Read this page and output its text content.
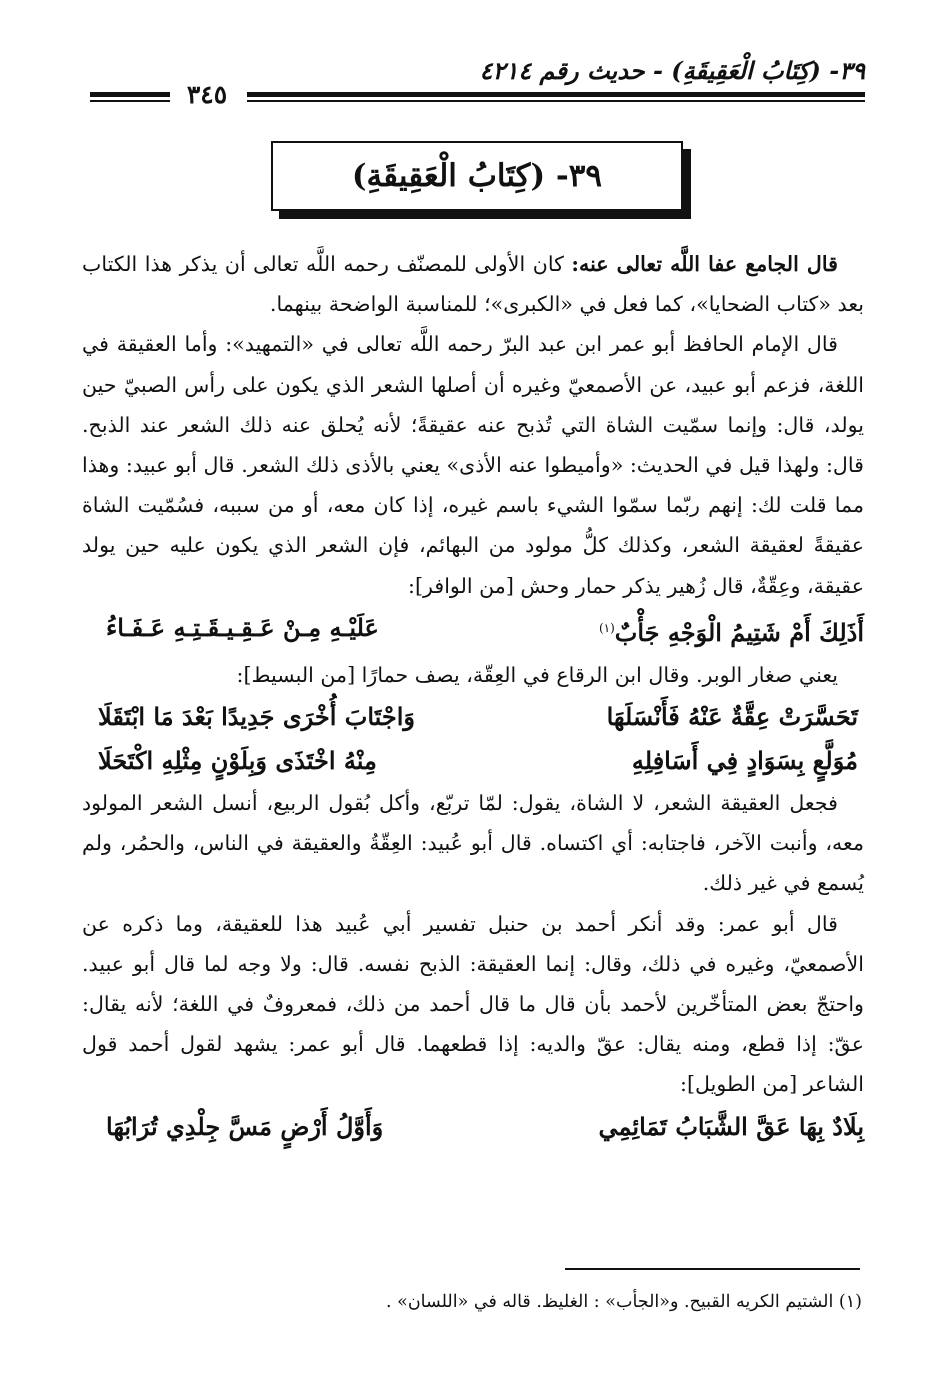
٣٩- (كِتَابُ الْعَقِيقَةِ) - حديث رقم ٤٢١٤
٣٤٥
٣٩- (كِتَابُ الْعَقِيقَةِ)

قال الجامع عفا اللَّه تعالى عنه: كان الأولى للمصنّف رحمه اللَّه تعالى أن يذكر هذا الكتاب بعد «كتاب الضحايا»، كما فعل في «الكبرى»؛ للمناسبة الواضحة بينهما.

قال الإمام الحافظ أبو عمر ابن عبد البرّ رحمه اللَّه تعالى في «التمهيد»: وأما العقيقة في اللغة، فزعم أبو عبيد، عن الأصمعيّ وغيره أن أصلها الشعر الذي يكون على رأس الصبيّ حين يولد، قال: وإنما سمّيت الشاة التي تُذبح عنه عقيقةً؛ لأنه يُحلق عنه ذلك الشعر عند الذبح. قال: ولهذا قيل في الحديث: «وأميطوا عنه الأذى» يعني بالأذى ذلك الشعر. قال أبو عبيد: وهذا مما قلت لك: إنهم ربّما سمّوا الشيء باسم غيره، إذا كان معه، أو من سببه، فسُمّيت الشاة عقيقةً لعقيقة الشعر، وكذلك كلُّ مولود من البهائم، فإن الشعر الذي يكون عليه حين يولد عقيقة، وعِقّةٌ، قال زُهير يذكر حمار وحش [من الوافر]:

أَذَلِكَ أَمْ شَتِيمُ الْوَجْهِ جَأْبٌ$^{(١)}$
عَلَيْـهِ مِـنْ عَـقِـيـقَـتِـهِ عَـفَـاءُ

يعني صغار الوبر. وقال ابن الرقاع في العِقّة، يصف حمارًا [من البسيط]:

تَحَسَّرَتْ عِقَّةٌ عَنْهُ فَأَنْسَلَهَا
وَاجْتَابَ أُخْرَى جَدِيدًا بَعْدَ مَا ابْتَقَلَا
مُوَلَّعٍ بِسَوَادٍ فِي أَسَافِلِهِ
مِنْهُ اخْتَذَى وَبِلَوْنٍ مِثْلِهِ اكْتَحَلَا

فجعل العقيقة الشعر، لا الشاة، يقول: لمّا تربّع، وأكل بُقول الربيع، أنسل الشعر المولود معه، وأنبت الآخر، فاجتابه: أي اكتساه. قال أبو عُبيد: العِقّةُ والعقيقة في الناس، والحمُر، ولم يُسمع في غير ذلك.

قال أبو عمر: وقد أنكر أحمد بن حنبل تفسير أبي عُبيد هذا للعقيقة، وما ذكره عن الأصمعيّ، وغيره في ذلك، وقال: إنما العقيقة: الذبح نفسه. قال: ولا وجه لما قال أبو عبيد. واحتجّ بعض المتأخّرين لأحمد بأن قال ما قال أحمد من ذلك، فمعروفٌ في اللغة؛ لأنه يقال: عقّ: إذا قطع، ومنه يقال: عقّ والديه: إذا قطعهما. قال أبو عمر: يشهد لقول أحمد قول الشاعر [من الطويل]:

بِلَادٌ بِهَا عَقَّ الشَّبَابُ تَمَائِمِي
وَأَوَّلُ أَرْضٍ مَسَّ جِلْدِي تُرَابُهَا
(١) الشتيم الكريه القبيح. و«الجأب» : الغليظ. قاله في «اللسان» .
